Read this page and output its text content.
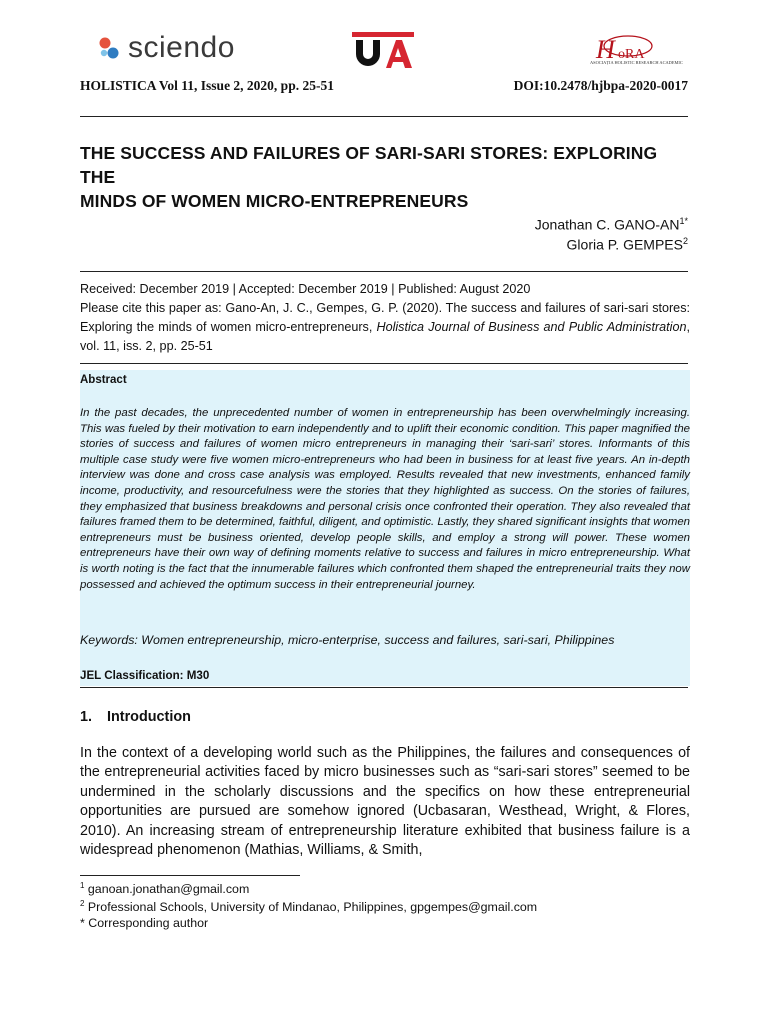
sciendo	H oRA
ASOCIAȚIA HOLISTIC RESEARCH ACADEMIC
HOLISTICA Vol 11, Issue 2, 2020, pp. 25-51	DOI:10.2478/hjbpa-2020-0017
THE SUCCESS AND FAILURES OF SARI-SARI STORES: EXPLORING THE
MINDS OF WOMEN MICRO-ENTREPRENEURS
Jonathan C. GANO-$AN^{1*}$
Gloria P. GEMPES$^2$
Received: December 2019 | Accepted: December 2019 | Published: August 2020
Please cite this paper as: Gano-An, J. C., Gempes, G. P. (2020). The success and failures of sari-sari stores: Exploring the minds of women micro-entrepreneurs, Holistica Journal of Business and Public Administration, vol. 11, iss. 2, pp. 25-51
Abstract
In the past decades, the unprecedented number of women in entrepreneurship has been overwhelmingly increasing. This was fueled by their motivation to earn independently and to uplift their economic condition. This paper magnified the stories of success and failures of women micro entrepreneurs in managing their ‘sari-sari’ stores. Informants of this multiple case study were five women micro-entrepreneurs who had been in business for at least five years. An in-depth interview was done and cross case analysis was employed. Results revealed that new investments, enhanced family income, productivity, and resourcefulness were the stories that they highlighted as success. On the stories of failures, they emphasized that business breakdowns and personal crisis once confronted their operation. They also revealed that failures framed them to be determined, faithful, diligent, and optimistic. Lastly, they shared significant insights that women entrepreneurs must be business oriented, develop people skills, and employ a strong will power. These women entrepreneurs have their own way of defining moments relative to success and failures in micro entrepreneurship. What is worth noting is the fact that the innumerable failures which confronted them shaped the entrepreneurial traits they now possessed and achieved the optimum success in their entrepreneurial journey.
Keywords: Women entrepreneurship, micro-enterprise, success and failures, sari-sari, Philippines
JEL Classification: M30
1. Introduction
In the context of a developing world such as the Philippines, the failures and consequences of the entrepreneurial activities faced by micro businesses such as “sari-sari stores” seemed to be undermined in the scholarly discussions and the specifics on how these entrepreneurial opportunities are pursued are somehow ignored (Ucbasaran, Westhead, Wright, & Flores, 2010). An increasing stream of entrepreneurship literature exhibited that business failure is a widespread phenomenon (Mathias, Williams, & Smith,
$^1$ ganoan.jonathan@gmail.com
$^2$ Professional Schools, University of Mindanao, Philippines, gpgempes@gmail.com
* Corresponding author
